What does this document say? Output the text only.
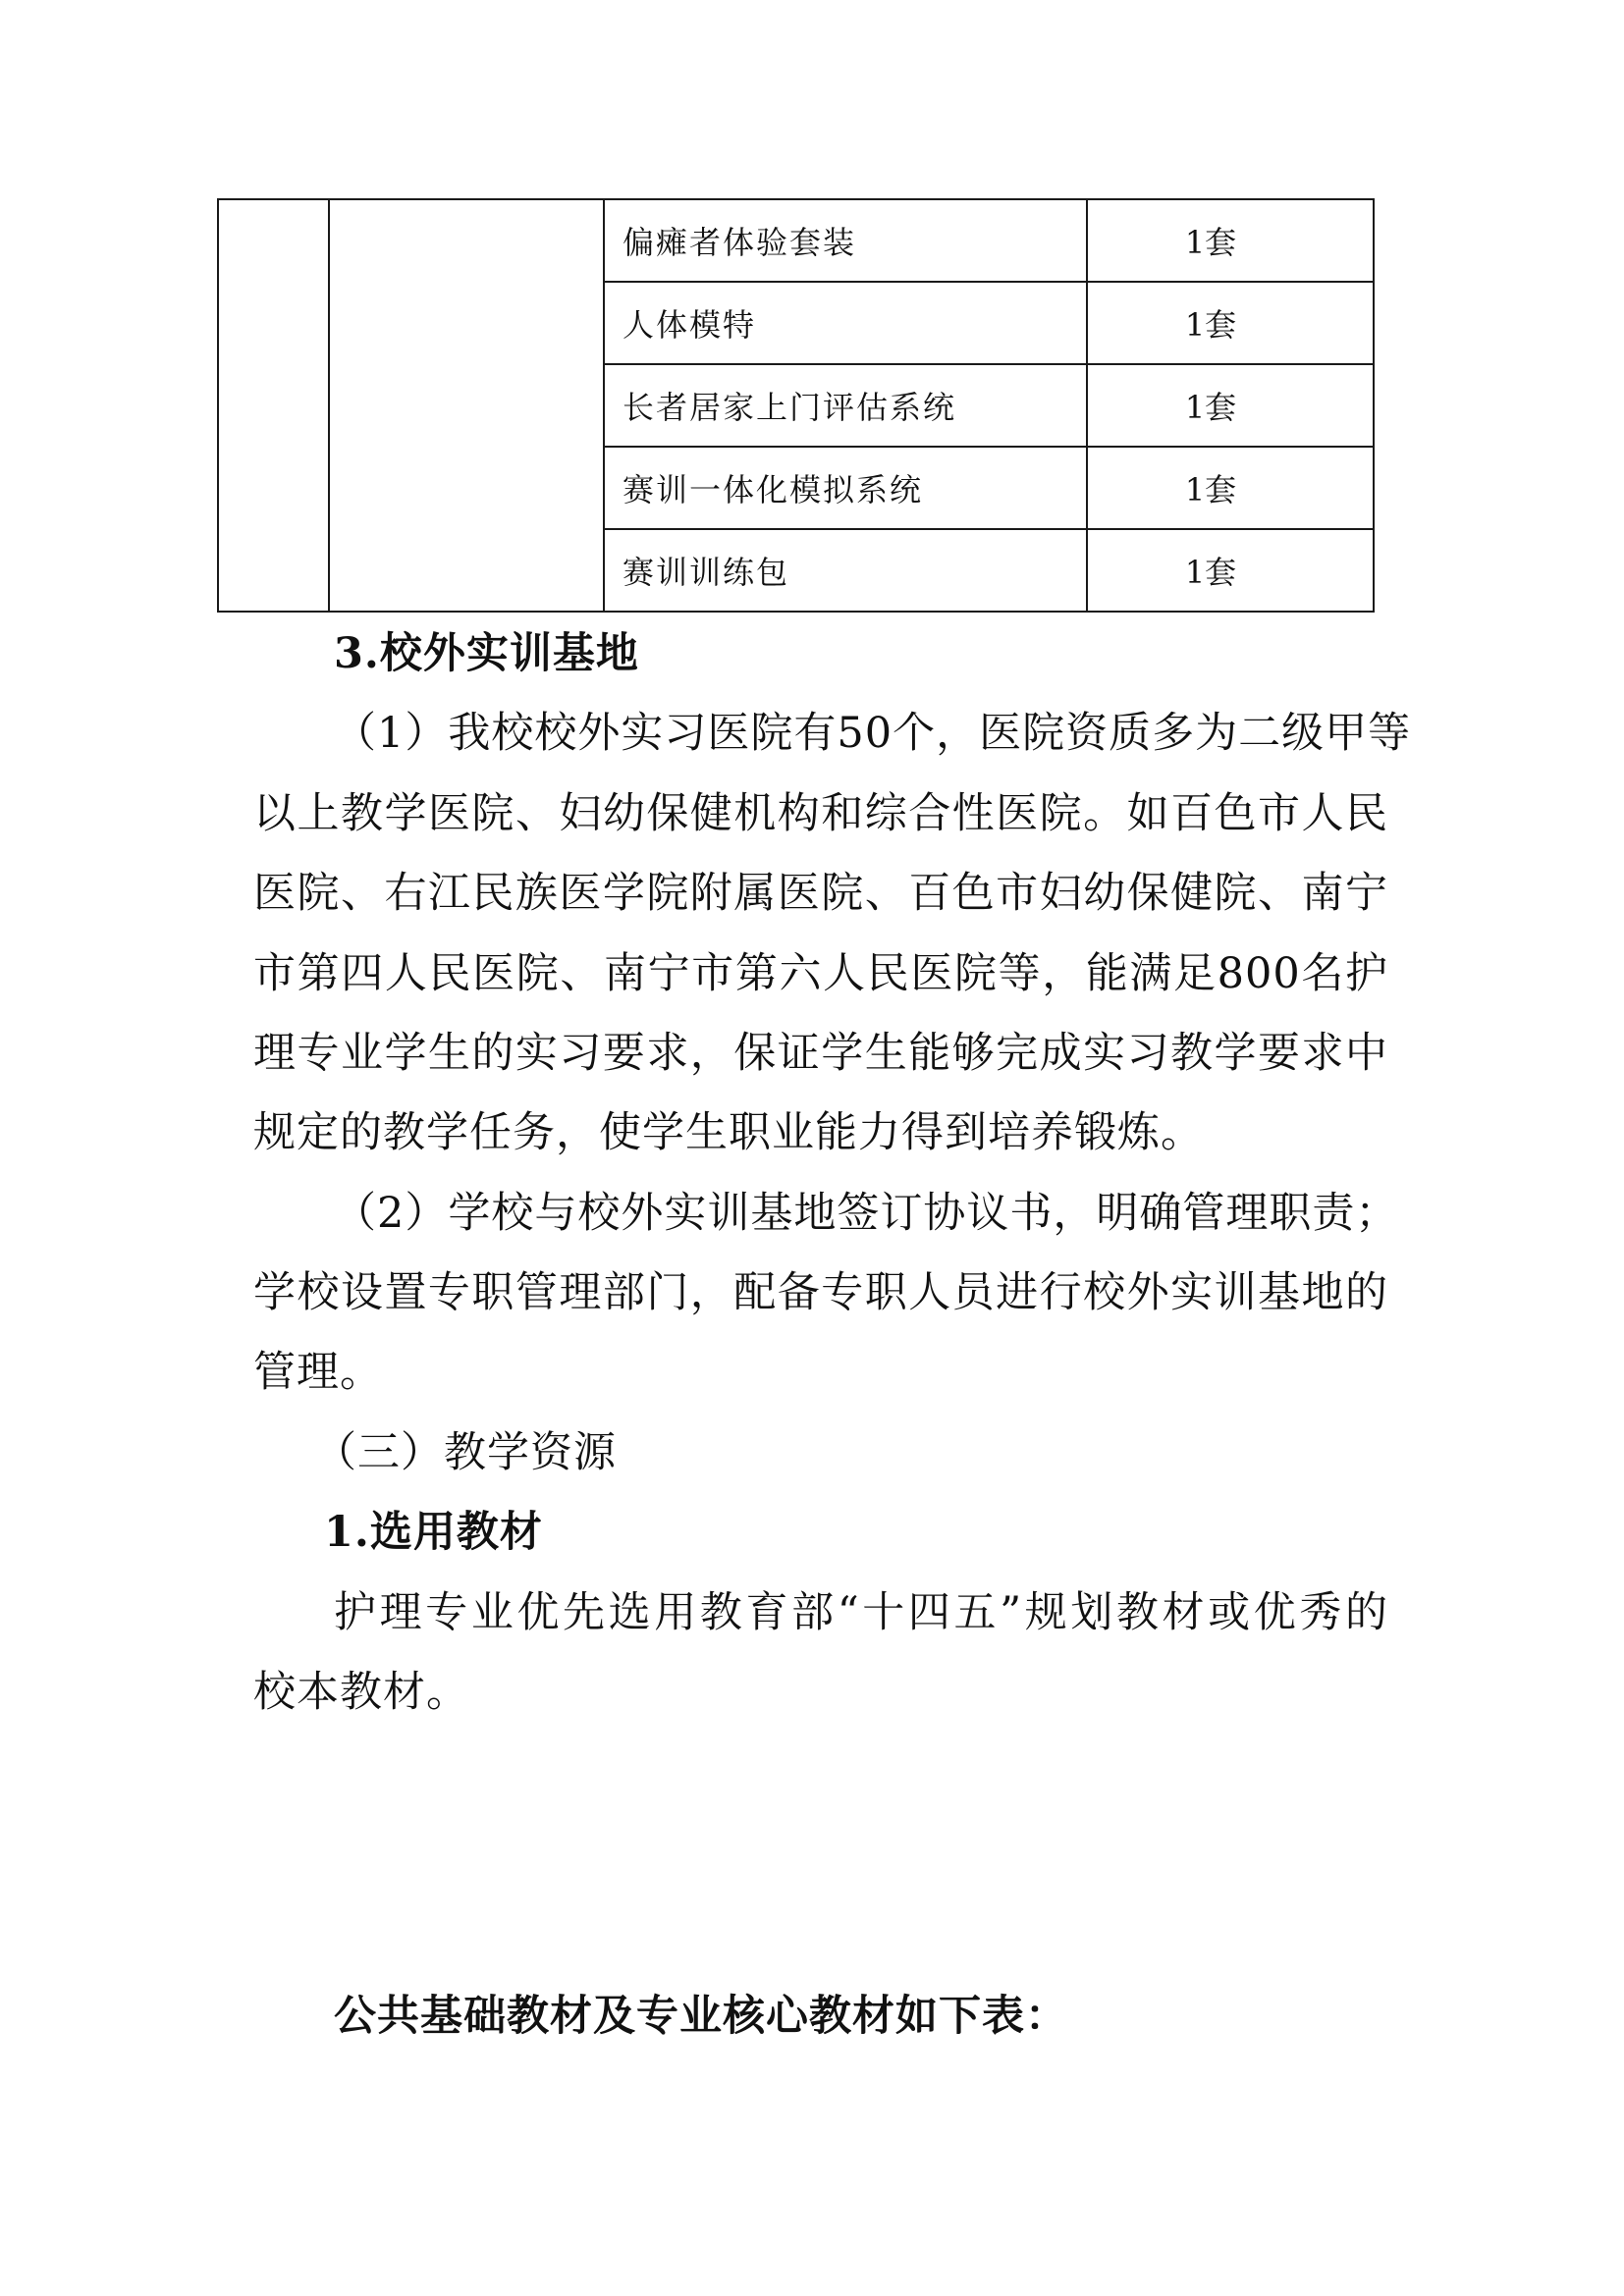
		偏瘫者体验套装	1套
		人体模特	1套
		长者居家上门评估系统	1套
		赛训一体化模拟系统	1套
		赛训训练包	1套
3.校外实训基地
（1）我校校外实习医院有50个，医院资质多为二级甲等
以上教学医院、妇幼保健机构和综合性医院。如百色市人民
医院、右江民族医学院附属医院、百色市妇幼保健院、南宁
市第四人民医院、南宁市第六人民医院等，能满足800名护
理专业学生的实习要求，保证学生能够完成实习教学要求中
规定的教学任务，使学生职业能力得到培养锻炼。
（2）学校与校外实训基地签订协议书，明确管理职责；
学校设置专职管理部门，配备专职人员进行校外实训基地的
管理。
（三）教学资源
1.选用教材
护理专业优先选用教育部“十四五”规划教材或优秀的
校本教材。
公共基础教材及专业核心教材如下表：
